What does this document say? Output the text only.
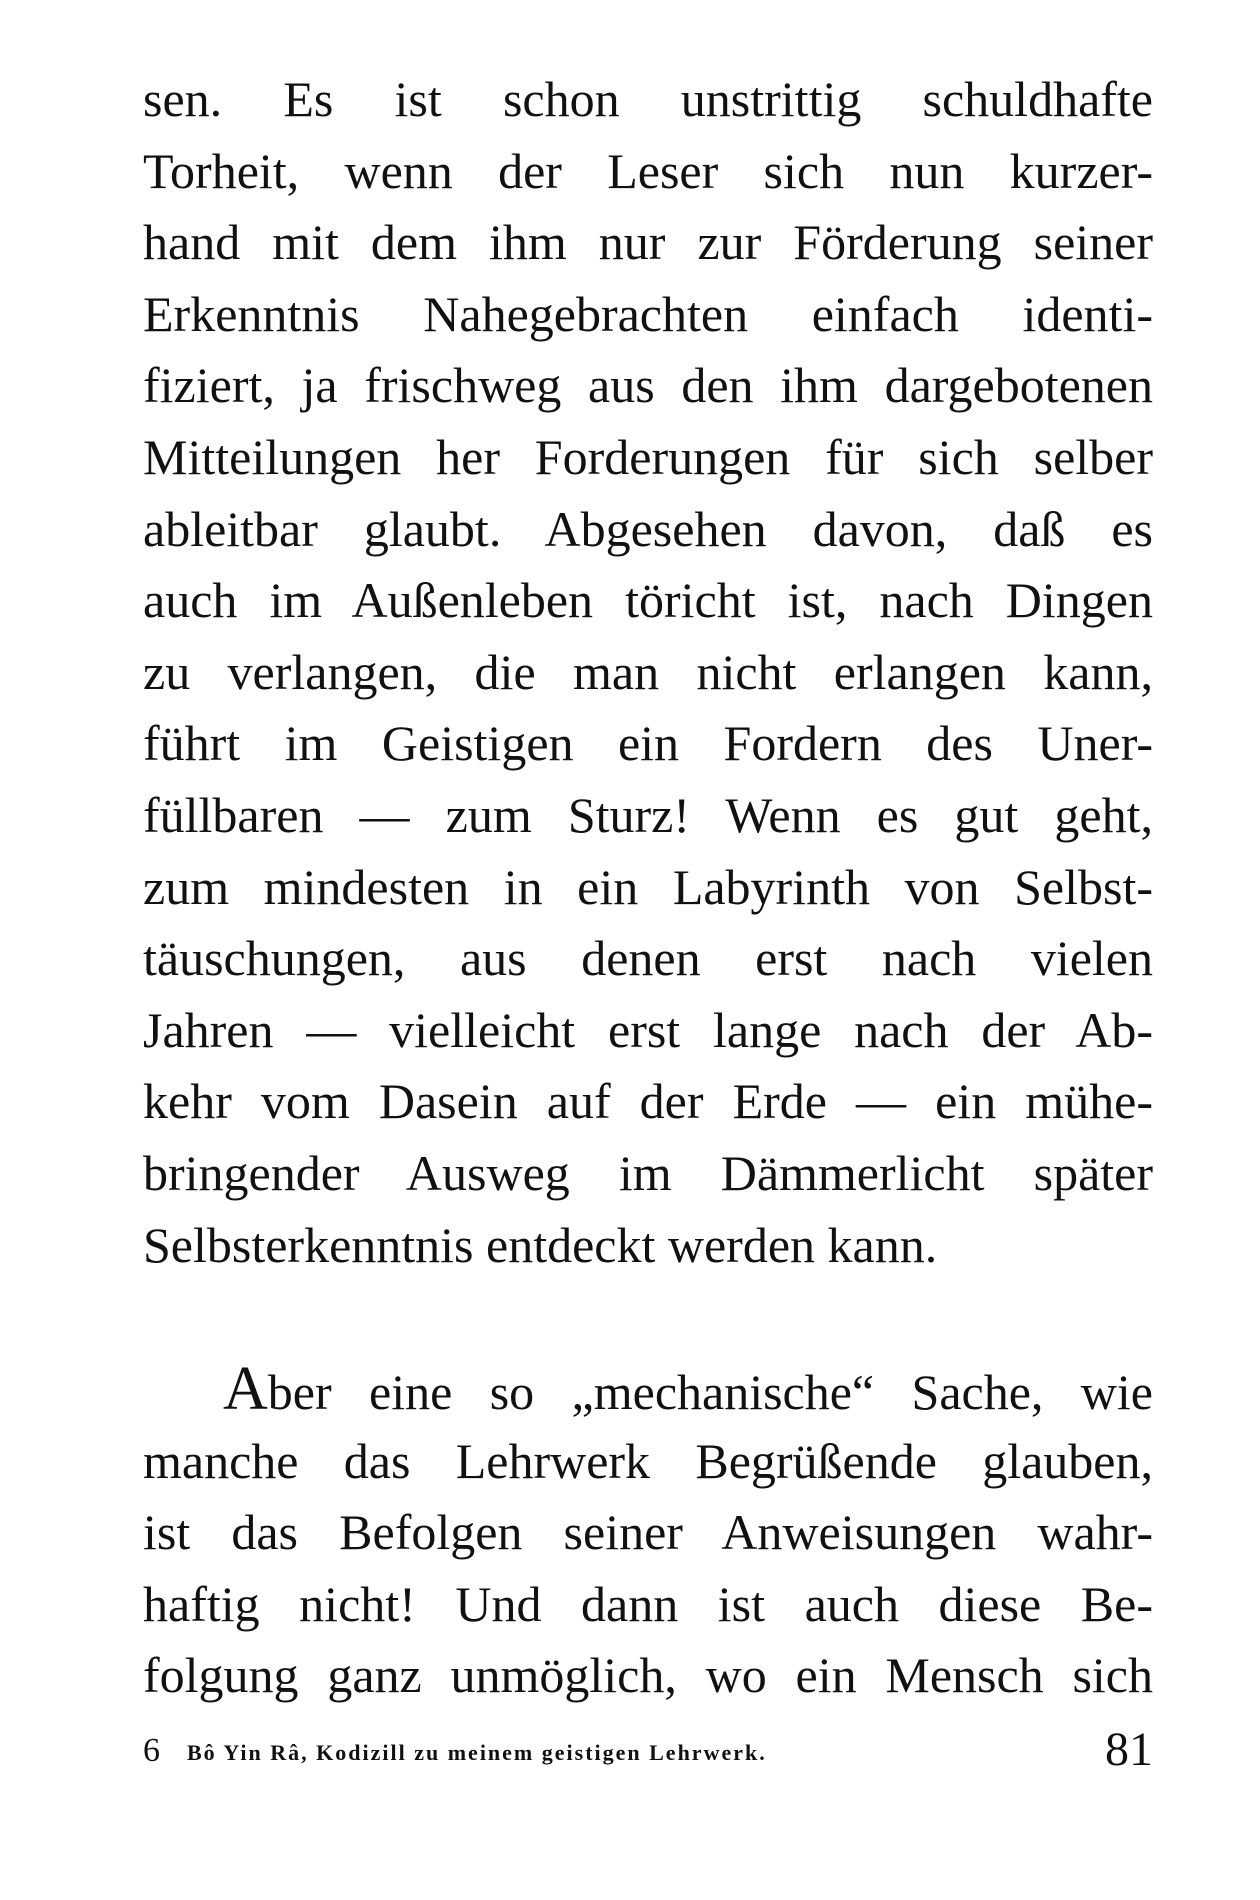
sen. Es ist schon unstrittig schuldhafte
Torheit, wenn der Leser sich nun kurzer-
hand mit dem ihm nur zur Förderung seiner
Erkenntnis Nahegebrachten einfach identi-
fiziert, ja frischweg aus den ihm dargebotenen
Mitteilungen her Forderungen für sich selber
ableitbar glaubt. Abgesehen davon, daß es
auch im Außenleben töricht ist, nach Dingen
zu verlangen, die man nicht erlangen kann,
führt im Geistigen ein Fordern des Uner-
füllbaren — zum Sturz! Wenn es gut geht,
zum mindesten in ein Labyrinth von Selbst-
täuschungen, aus denen erst nach vielen
Jahren — vielleicht erst lange nach der Ab-
kehr vom Dasein auf der Erde — ein mühe-
bringender Ausweg im Dämmerlicht später
Selbsterkenntnis entdeckt werden kann.
Aber eine so „mechanische“ Sache, wie
manche das Lehrwerk Begrüßende glauben,
ist das Befolgen seiner Anweisungen wahr-
haftig nicht! Und dann ist auch diese Be-
folgung ganz unmöglich, wo ein Mensch sich
6 Bô Yin Râ, Kodizill zu meinem geistigen Lehrwerk.	81
